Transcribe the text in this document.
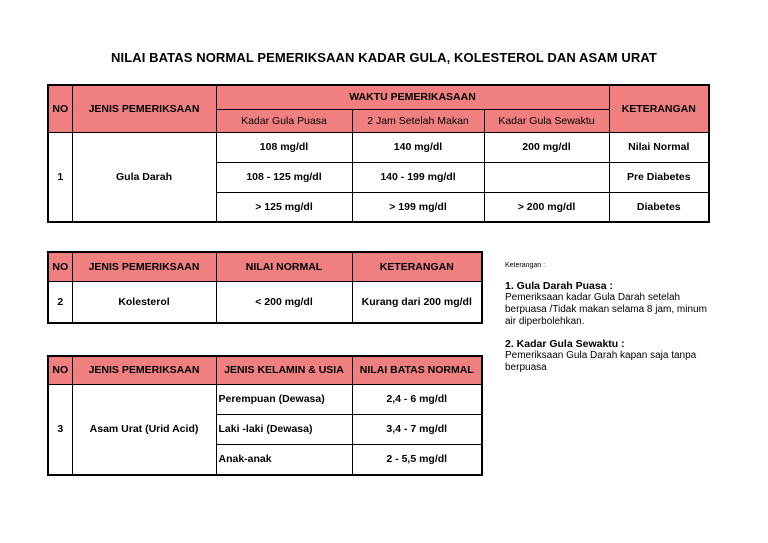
NILAI BATAS NORMAL PEMERIKSAAN KADAR GULA, KOLESTEROL DAN ASAM URAT
NO	JENIS PEMERIKSAAN	WAKTU PEMERIKASAAN			KETERANGAN
		Kadar Gula Puasa	2 Jam Setelah Makan	Kadar Gula Sewaktu	
1	Gula Darah	108 mg/dl	140 mg/dl	200 mg/dl	Nilai Normal
		108 - 125 mg/dl	140 - 199 mg/dl		Pre Diabetes
		> 125 mg/dl	> 199 mg/dl	> 200 mg/dl	Diabetes
NO	JENIS PEMERIKSAAN	NILAI NORMAL	KETERANGAN
2	Kolesterol	< 200 mg/dl	Kurang dari 200 mg/dl
NO	JENIS PEMERIKSAAN	JENIS KELAMIN & USIA	NILAI BATAS NORMAL
3	Asam Urat (Urid Acid)	Perempuan (Dewasa)	2,4 - 6 mg/dl
		Laki -laki (Dewasa)	3,4 - 7 mg/dl
		Anak-anak	2 - 5,5 mg/dl
Keterangan :
1. Gula Darah Puasa :
Pemeriksaan kadar Gula Darah setelah berpuasa /Tidak makan selama 8 jam, minum air diperbolehkan.
2. Kadar Gula Sewaktu :
Pemeriksaan Gula Darah kapan saja tanpa berpuasa
